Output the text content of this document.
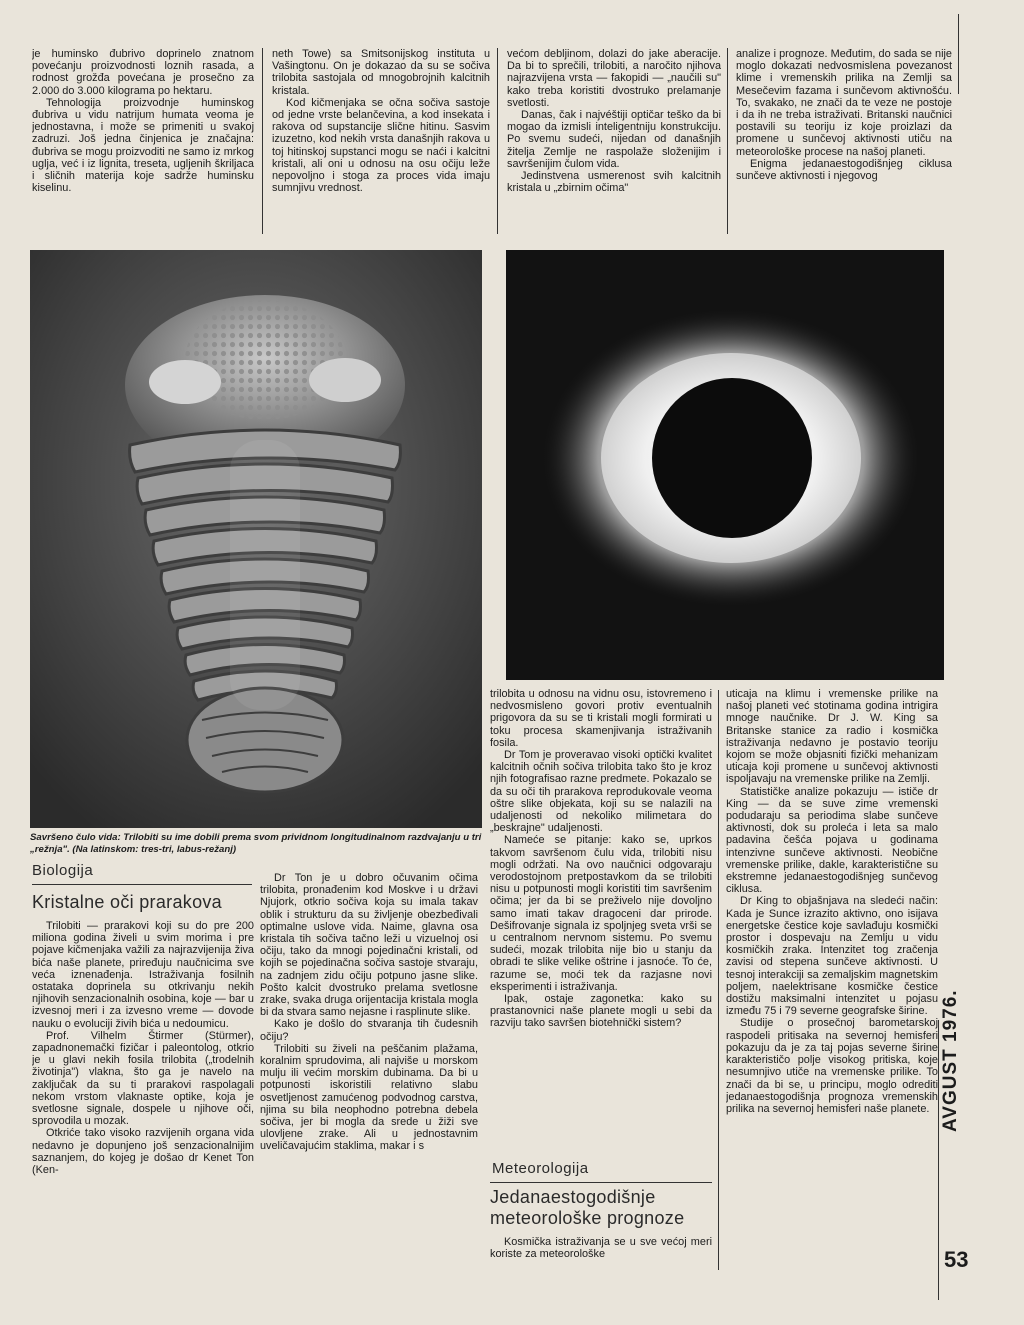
je huminsko đubrivo doprinelo znatnom povećanju proizvodnosti loznih rasada, a rodnost grožđa povećana je prosečno za 2.000 do 3.000 kilograma po hektaru.

Tehnologija proizvodnje huminskog đubriva u vidu natrijum humata veoma je jednostavna, i može se primeniti u svakoj zadruzi. Još jedna činjenica je značajna: đubriva se mogu proizvoditi ne samo iz mrkog uglja, već i iz lignita, treseta, ugljenih škriljaca i sličnih materija koje sadrže huminsku kiselinu.

neth Towe) sa Smitsonijskog instituta u Vašingtonu. On je dokazao da su se sočiva trilobita sastojala od mnogobrojnih kalcitnih kristala.

Kod kičmenjaka se očna sočiva sastoje od jedne vrste belančevina, a kod insekata i rakova od supstancije slične hitinu. Sasvim izuzetno, kod nekih vrsta današnjih rakova u toj hitinskoj supstanci mogu se naći i kalcitni kristali, ali oni u odnosu na osu očiju leže nepovoljno i stoga za proces vida imaju sumnjivu vrednost.

većom debljinom, dolazi do jake aberacije. Da bi to sprečili, trilobiti, a naročito njihova najrazvijena vrsta — fakopidi — „naučili su" kako treba koristiti dvostruko prelamanje svetlosti.

Danas, čak i najvéštiji optičar teško da bi mogao da izmisli inteligentniju konstrukciju. Po svemu sudeći, nijedan od današnjih žitelja Zemlje ne raspolaže složenijim i savršenijim čulom vida.

Jedinstvena usmerenost svih kalcitnih kristala u „zbirnim očima"

analize i prognoze. Međutim, do sada se nije moglo dokazati nedvosmislena povezanost klime i vremenskih prilika na Zemlji sa Mesečevim fazama i sunčevom aktivnošću. To, svakako, ne znači da te veze ne postoje i da ih ne treba istraživati. Britanski naučnici postavili su teoriju iz koje proizlazi da promene u sunčevoj aktivnosti utiču na meteorološke procese na našoj planeti.

Enigma jedanaestogodišnjeg ciklusa sunčeve aktivnosti i njegovog

Savršeno čulo vida: Trilobiti su ime dobili prema svom prividnom longitudinalnom razdvajanju u tri „režnja". (Na latinskom: tres-tri, labus-režanj)
Biologija
Kristalne oči prarakova

Trilobiti — prarakovi koji su do pre 200 miliona godina živeli u svim morima i pre pojave kičmenjaka važili za najrazvijenija živa bića naše planete, priređuju naučnicima sve veća iznenađenja. Istraživanja fosilnih ostataka doprinela su otkrivanju nekih njihovih senzacionalnih osobina, koje — bar u izvesnoj meri i za izvesno vreme — dovode nauku o evoluciji živih bića u nedoumicu.

Prof. Vilhelm Štirmer (Stürmer), zapadnonemački fizičar i paleontolog, otkrio je u glavi nekih fosila trilobita („trodelnih životinja") vlakna, što ga je navelo na zaključak da su ti prarakovi raspolagali nekom vrstom vlaknaste optike, koja je svetlosne signale, dospele u njihove oči, sprovodila u mozak.

Otkriće tako visoko razvijenih organa vida nedavno je dopunjeno još senzacionalnijim saznanjem, do kojeg je došao dr Kenet Ton (Ken-

Dr Ton je u dobro očuvanim očima trilobita, pronađenim kod Moskve i u državi Njujork, otkrio sočiva koja su imala takav oblik i strukturu da su življenje obezbeđivali optimalne uslove vida. Naime, glavna osa kristala tih sočiva tačno leži u vizuelnoj osi očiju, tako da mnogi pojedinačni kristali, od kojih se pojedinačna sočiva sastoje stvaraju, na zadnjem zidu očiju potpuno jasne slike. Pošto kalcit dvostruko prelama svetlosne zrake, svaka druga orijentacija kristala mogla bi da stvara samo nejasne i rasplinute slike.

Kako je došlo do stvaranja tih čudesnih očiju?

Trilobiti su živeli na peščanim plažama, koralnim sprudovima, ali najviše u morskom mulju ili većim morskim dubinama. Da bi u potpunosti iskoristili relativno slabu osvetljenost zamućenog podvodnog carstva, njima su bila neophodno potrebna debela sočiva, jer bi mogla da srede u žiži sve ulovljene zrake. Ali u jednostavnim uveličavajućim staklima, makar i s

trilobita u odnosu na vidnu osu, istovremeno i nedvosmisleno govori protiv eventualnih prigovora da su se ti kristali mogli formirati u toku procesa skamenjivanja istraživanih fosila.

Dr Tom je proveravao visoki optički kvalitet kalcitnih očnih sočiva trilobita tako što je kroz njih fotografisao razne predmete. Pokazalo se da su oči tih prarakova reprodukovale veoma oštre slike objekata, koji su se nalazili na udaljenosti od nekoliko milimetara do „beskrajne" udaljenosti.

Nameće se pitanje: kako se, uprkos takvom savršenom čulu vida, trilobiti nisu mogli održati. Na ovo naučnici odgovaraju verodostojnom pretpostavkom da se trilobiti nisu u potpunosti mogli koristiti tim savršenim očima; jer da bi se preživelo nije dovoljno samo imati takav dragoceni dar prirode. Dešifrovanje signala iz spoljnjeg sveta vrši se u centralnom nervnom sistemu. Po svemu sudeći, mozak trilobita nije bio u stanju da obradi te slike velike oštrine i jasnoće. To će, razume se, moći tek da razjasne novi eksperimenti i istraživanja.

Ipak, ostaje zagonetka: kako su prastanovnici naše planete mogli u sebi da razviju tako savršen biotehnički sistem?

Meteorologija
Jedanaestogodišnje
meteorološke prognoze

Kosmička istraživanja se u sve većoj meri koriste za meteorološke

uticaja na klimu i vremenske prilike na našoj planeti već stotinama godina intrigira mnoge naučnike. Dr J. W. King sa Britanske stanice za radio i kosmička istraživanja nedavno je postavio teoriju kojom se može objasniti fizički mehanizam uticaja koji promene u sunčevoj aktivnosti ispoljavaju na vremenske prilike na Zemlji.

Statističke analize pokazuju — ističe dr King — da se suve zime vremenski podudaraju sa periodima slabe sunčeve aktivnosti, dok su proleća i leta sa malo padavina češća pojava u godinama intenzivne sunčeve aktivnosti. Neobične vremenske prilike, dakle, karakteristične su ekstremne jedanaestogodišnjeg sunčevog ciklusa.

Dr King to objašnjava na sledeći način: Kada je Sunce izrazito aktivno, ono isijava energetske čestice koje savlađuju kosmički prostor i dospevaju na Zemlju u vidu kosmičkih zraka. Intenzitet tog zračenja zavisi od stepena sunčeve aktivnosti. U tesnoj interakciji sa zemaljskim magnetskim poljem, naelektrisane kosmičke čestice dostižu maksimalni intenzitet u pojasu između 75 i 79 severne geografske širine.

Studije o prosečnoj barometarskoj raspodeli pritisaka na severnoj hemisferi pokazuju da je za taj pojas severne širine karakterističo polje visokog pritiska, koje nesumnjivo utiče na vremenske prilike. To znači da bi se, u principu, moglo odrediti jedanaestogodišnja prognoza vremenskih prilika na severnoj hemisferi naše planete. AVGUST 1976.
53
